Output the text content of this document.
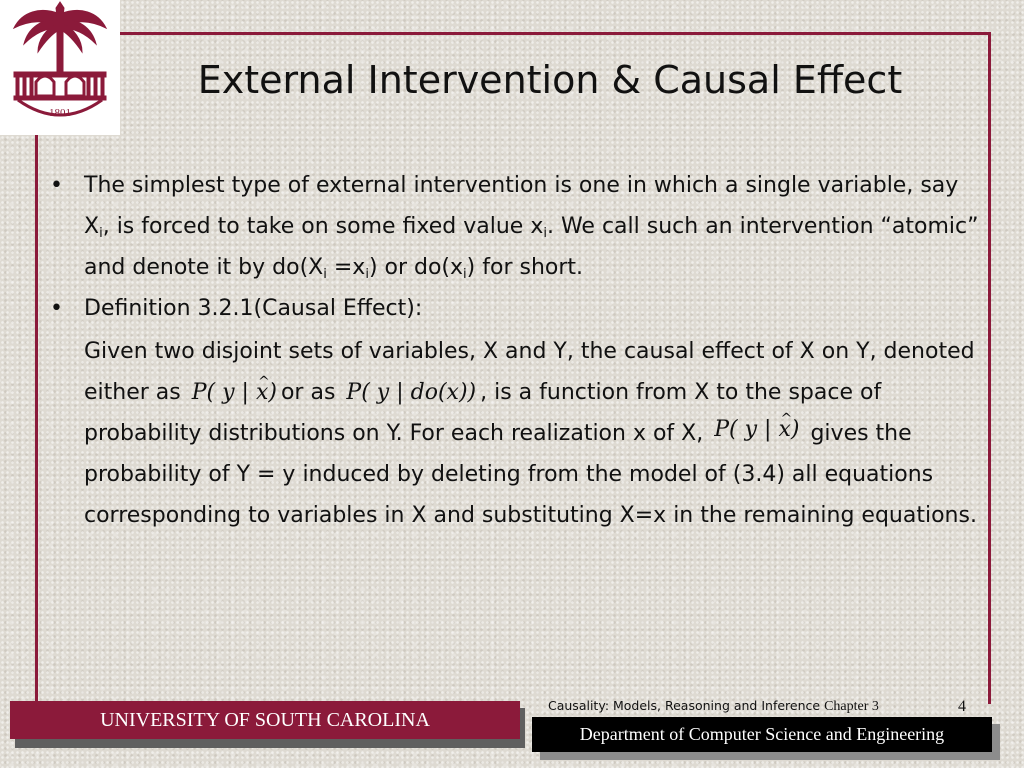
1801
External Intervention & Causal Effect
• The simplest type of external intervention is one in which a single variable, say $X_i$, is forced to take on some fixed value $x_i$. We call such an intervention “atomic” and denote it by $do(X_i =x_i)$ or $do(x_i)$ for short.
• Definition 3.2.1(Causal Effect):
Given two disjoint sets of variables, X and Y, the causal effect of X on Y, denoted either as P( y | x ^) or as P( y | do(x)) , is a function from X to the space of probability distributions on Y. For each realization x of X, P( y | x ^) gives the probability of Y = y induced by deleting from the model of (3.4) all equations corresponding to variables in X and substituting X=x in the remaining equations.
UNIVERSITY OF SOUTH CAROLINA
Department of Computer Science and Engineering
Causality: Models, Reasoning and Inference Chapter 3	4
